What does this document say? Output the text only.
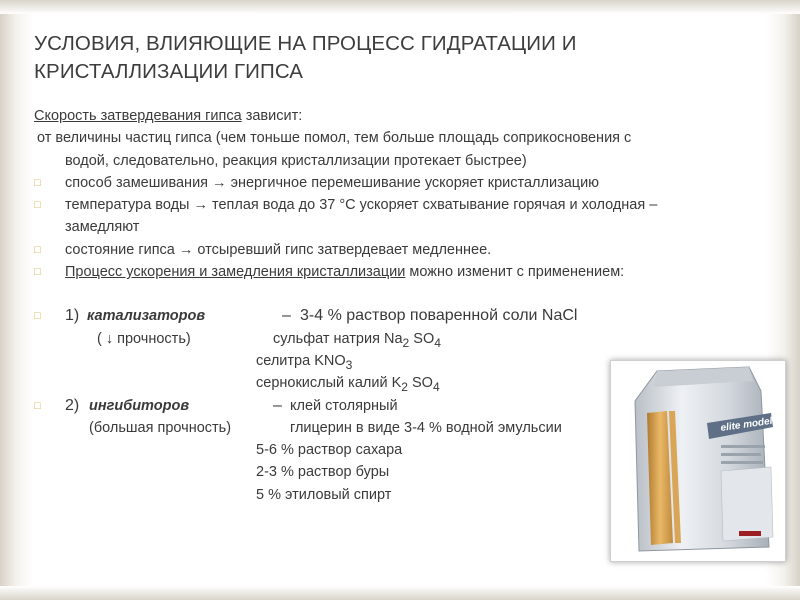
УСЛОВИЯ, ВЛИЯЮЩИЕ НА ПРОЦЕСС ГИДРАТАЦИИ И КРИСТАЛЛИЗАЦИИ ГИПСА
Скорость затвердевания гипса зависит:
от величины частиц гипса (чем тоньше помол, тем больше площадь соприкосновения с
водой, следовательно, реакция кристаллизации протекает быстрее)
□	способ замешивания → энергичное перемешивание ускоряет кристаллизацию
□	температура воды → теплая вода до 37 °С ускоряет схватывание горячая и холодная –
замедляют
□	состояние гипса → отсыревший гипс затвердевает медленнее.
□	Процесс ускорения и замедления кристаллизации можно изменит с применением:
□	1) катализаторов	– 3-4 % раствор поваренной соли NaCl
( ↓ прочность)	сульфат натрия $Na_2$ $SO_4$
селитра $KNO_3$
сернокислый калий $K_2$ $SO_4$
□	2) ингибиторов	– клей столярный
(большая прочность)	глицерин в виде 3-4 % водной эмульсии
5-6 % раствор сахара
2-3 % раствор буры
5 % этиловый спирт
elite model
